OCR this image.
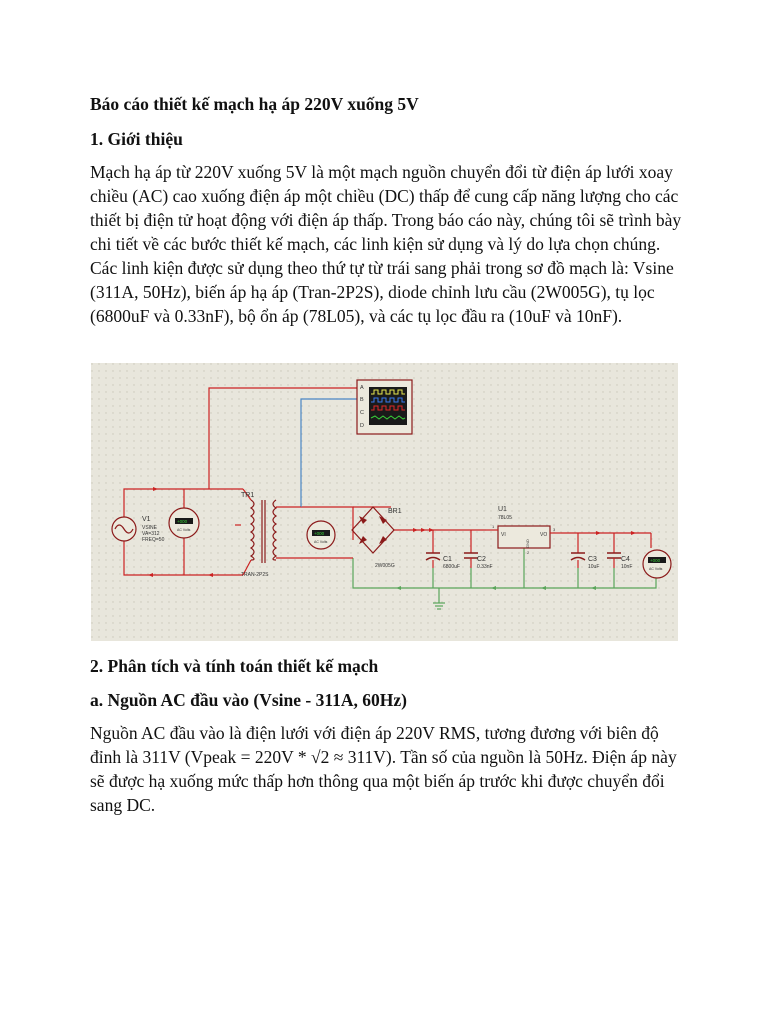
Báo cáo thiết kế mạch hạ áp 220V xuống 5V

1. Giới thiệu

Mạch hạ áp từ 220V xuống 5V là một mạch nguồn chuyển đổi từ điện áp lưới xoay chiều (AC) cao xuống điện áp một chiều (DC) thấp để cung cấp năng lượng cho các thiết bị điện tử hoạt động với điện áp thấp. Trong báo cáo này, chúng tôi sẽ trình bày chi tiết về các bước thiết kế mạch, các linh kiện sử dụng và lý do lựa chọn chúng. Các linh kiện được sử dụng theo thứ tự từ trái sang phải trong sơ đồ mạch là: Vsine (311A, 50Hz), biến áp hạ áp (Tran-2P2S), diode chỉnh lưu cầu (2W005G), tụ lọc (6800uF và 0.33nF), bộ ổn áp (78L05), và các tụ lọc đầu ra (10uF và 10nF).

A
B
C
D
V1
VSINE
VA=312
FREQ=50
+000
AC Volts
TR1
TRAN-2P2S
+000
AC Volts
BR1
2W005G
C1
6800uF
C2
0.33nF
U1
78L05
VI	VO
GND
1
2
3
C3
10uF
C4
10nF
+000
AC Volts

2. Phân tích và tính toán thiết kế mạch

a. Nguồn AC đầu vào (Vsine - 311A, 60Hz)

Nguồn AC đầu vào là điện lưới với điện áp 220V RMS, tương đương với biên độ đỉnh là 311V (Vpeak = 220V * √2 ≈ 311V). Tần số của nguồn là 50Hz. Điện áp này sẽ được hạ xuống mức thấp hơn thông qua một biến áp trước khi được chuyển đổi sang DC.
